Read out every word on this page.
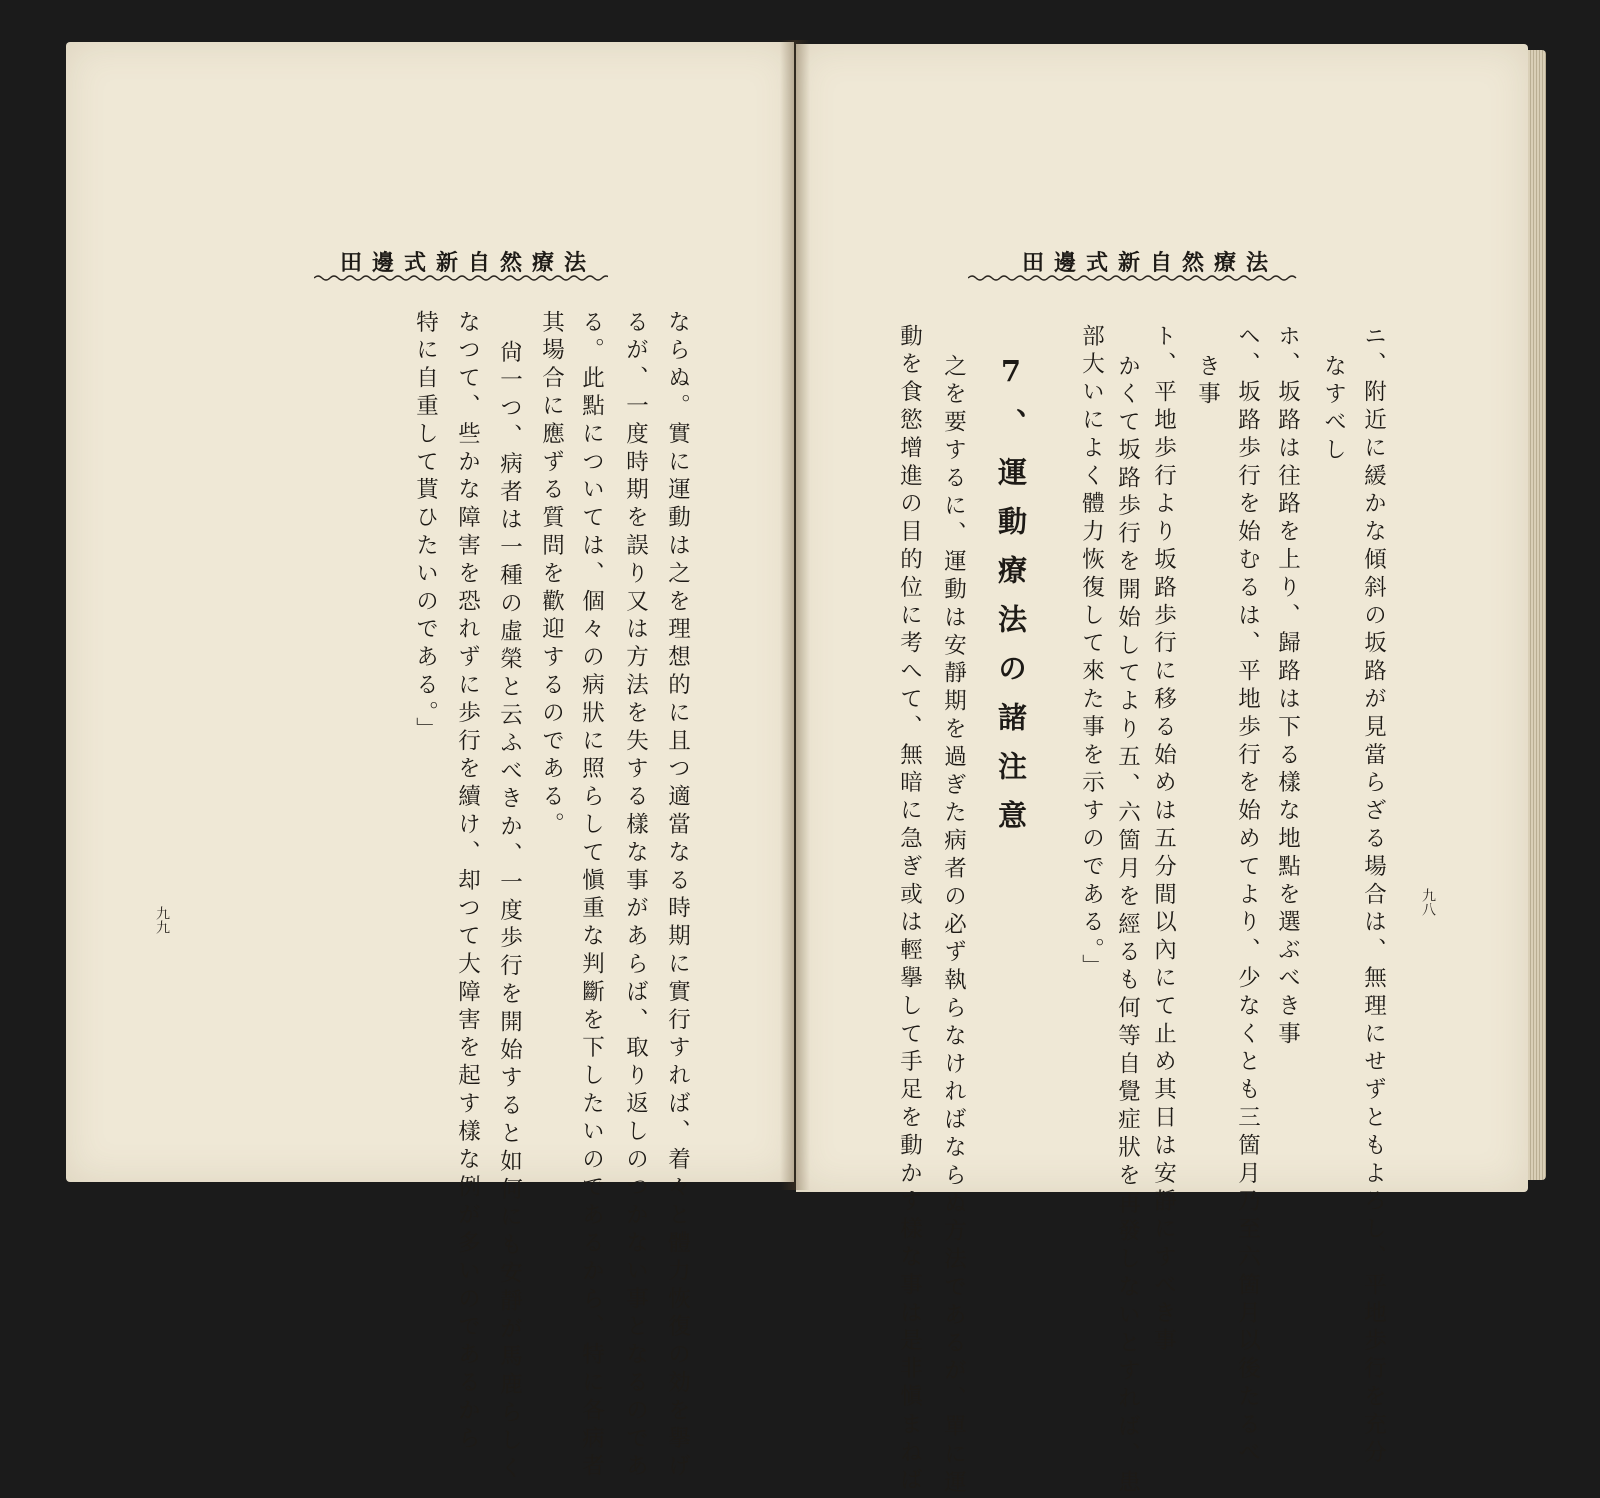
田邊式新自然療法
九八
田邊式新自然療法
九九	ニ、附近に緩かな傾斜の坂路が見當らざる場合は、無理にせずともよろし、平地歩行を充分
なすべし
ホ、坂路は往路を上り、歸路は下る樣な地點を選ぶべき事
ヘ、坂路歩行を始むるは、平地歩行を始めてより、少なくとも三箇月乃至六箇月以後たるべ
き事
ト、平地歩行より坂路歩行に移る始めは五分間以內にて止め其日は安靜にすべき事
かくて坂路歩行を開始してより五、六箇月を經るも何等自覺症狀を再發しないとすれば、患
部大いによく體力恢復して來た事を示すのである。」
7、運動療法の諸注意
之を要するに、運動は安靜期を過ぎた病者の必ず執らなければならぬ方法であるが、單に運
動を食慾增進の目的位に考へて、無暗に急ぎ或は輕擧して手足を動かす樣な事は是非愼まねば
ならぬ。實に運動は之を理想的に且つ適當なる時期に實行すれば、着々と體力恢復の効を擧げ
るが、一度時期を誤り又は方法を失する樣な事があらば、取り返しのつかない事となるのであ
る。此點については、個々の病狀に照らして愼重な判斷を下したいのであるから、特に各病者
其場合に應ずる質問を歡迎するのである。
尙一つ、病者は一種の虛榮と云ふべきか、一度歩行を開始すると如何にも安靜が馬鹿らしく
なつて、些かな障害を恐れずに歩行を續け、却つて大障害を起す樣な例が多いのであるから
特に自重して貰ひたいのである。」
